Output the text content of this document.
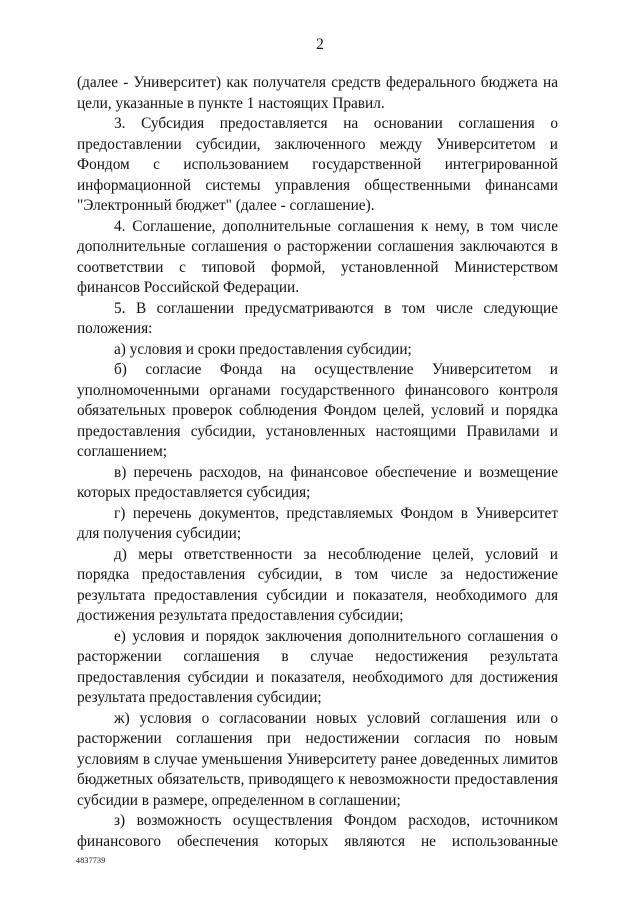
2

(далее - Университет) как получателя средств федерального бюджета на цели, указанные в пункте 1 настоящих Правил.

3. Субсидия предоставляется на основании соглашения о предоставлении субсидии, заключенного между Университетом и Фондом с использованием государственной интегрированной информационной системы управления общественными финансами "Электронный бюджет" (далее - соглашение).

4. Соглашение, дополнительные соглашения к нему, в том числе дополнительные соглашения о расторжении соглашения заключаются в соответствии с типовой формой, установленной Министерством финансов Российской Федерации.

5. В соглашении предусматриваются в том числе следующие положения:

а) условия и сроки предоставления субсидии;

б) согласие Фонда на осуществление Университетом и уполномоченными органами государственного финансового контроля обязательных проверок соблюдения Фондом целей, условий и порядка предоставления субсидии, установленных настоящими Правилами и соглашением;

в) перечень расходов, на финансовое обеспечение и возмещение которых предоставляется субсидия;

г) перечень документов, представляемых Фондом в Университет для получения субсидии;

д) меры ответственности за несоблюдение целей, условий и порядка предоставления субсидии, в том числе за недостижение результата предоставления субсидии и показателя, необходимого для достижения результата предоставления субсидии;

е) условия и порядок заключения дополнительного соглашения о расторжении соглашения в случае недостижения результата предоставления субсидии и показателя, необходимого для достижения результата предоставления субсидии;

ж) условия о согласовании новых условий соглашения или о расторжении соглашения при недостижении согласия по новым условиям в случае уменьшения Университету ранее доведенных лимитов бюджетных обязательств, приводящего к невозможности предоставления субсидии в размере, определенном в соглашении;

з) возможность осуществления Фондом расходов, источником финансового обеспечения которых являются не использованные

4837739
